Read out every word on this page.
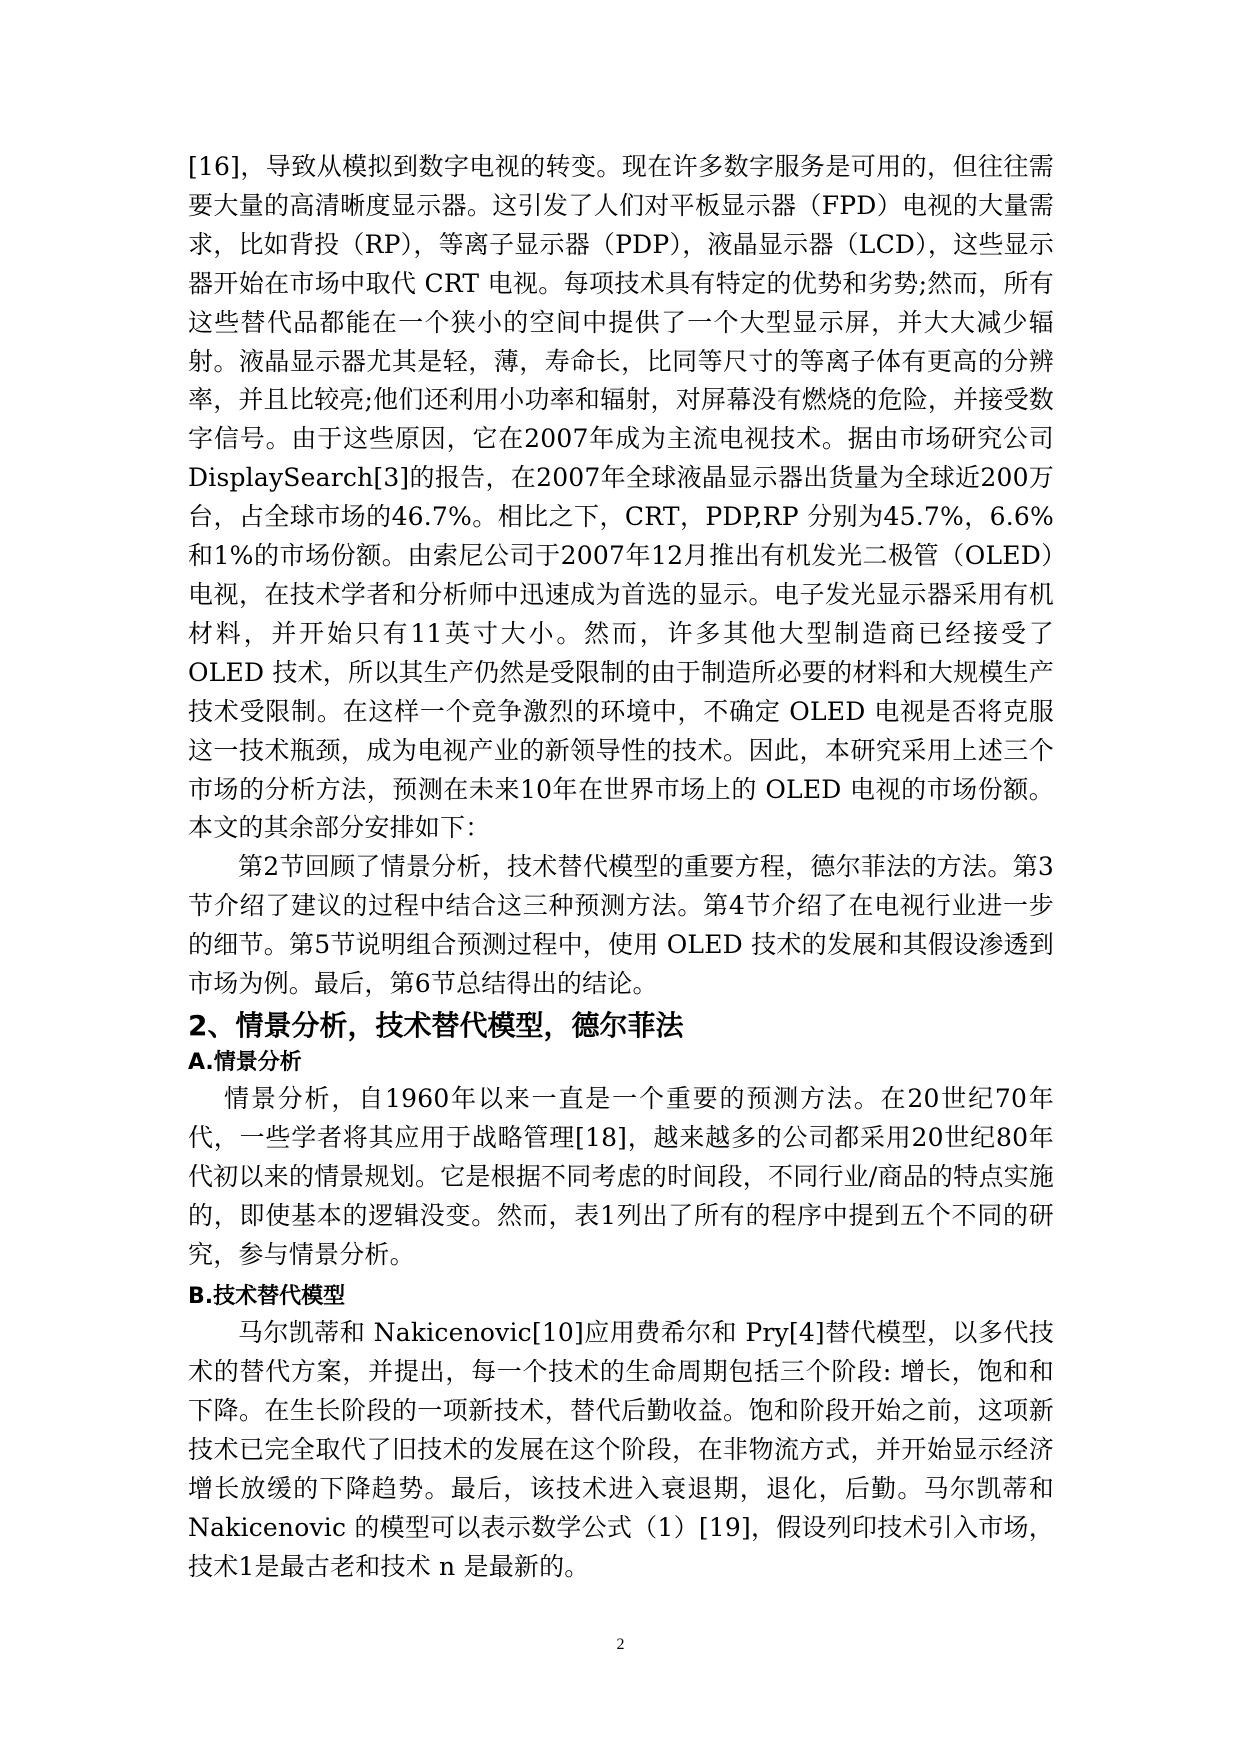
[16]，导致从模拟到数字电视的转变。现在许多数字服务是可用的，但往往需要大量的高清晰度显示器。这引发了人们对平板显示器（FPD）电视的大量需求，比如背投（RP），等离子显示器（PDP），液晶显示器（LCD），这些显示器开始在市场中取代 CRT 电视。每项技术具有特定的优势和劣势;然而，所有这些替代品都能在一个狭小的空间中提供了一个大型显示屏，并大大减少辐射。液晶显示器尤其是轻，薄，寿命长，比同等尺寸的等离子体有更高的分辨率，并且比较亮;他们还利用小功率和辐射，对屏幕没有燃烧的危险，并接受数字信号。由于这些原因，它在2007年成为主流电视技术。据由市场研究公司 DisplaySearch[3]的报告，在2007年全球液晶显示器出货量为全球近200万台，占全球市场的46.7%。相比之下，CRT，PDP,RP 分别为45.7%，6.6%和1%的市场份额。由索尼公司于2007年12月推出有机发光二极管（OLED）电视，在技术学者和分析师中迅速成为首选的显示。电子发光显示器采用有机材料，并开始只有11英寸大小。然而，许多其他大型制造商已经接受了 OLED 技术，所以其生产仍然是受限制的由于制造所必要的材料和大规模生产技术受限制。在这样一个竞争激烈的环境中，不确定 OLED 电视是否将克服这一技术瓶颈，成为电视产业的新领导性的技术。因此，本研究采用上述三个市场的分析方法，预测在未来10年在世界市场上的 OLED 电视的市场份额。本文的其余部分安排如下：

第2节回顾了情景分析，技术替代模型的重要方程，德尔菲法的方法。第3节介绍了建议的过程中结合这三种预测方法。第4节介绍了在电视行业进一步的细节。第5节说明组合预测过程中，使用 OLED 技术的发展和其假设渗透到市场为例。最后，第6节总结得出的结论。

2、情景分析，技术替代模型，德尔菲法
A.情景分析

情景分析，自1960年以来一直是一个重要的预测方法。在20世纪70年代，一些学者将其应用于战略管理[18]，越来越多的公司都采用20世纪80年代初以来的情景规划。它是根据不同考虑的时间段，不同行业/商品的特点实施的，即使基本的逻辑没变。然而，表1列出了所有的程序中提到五个不同的研究，参与情景分析。

B.技术替代模型

马尔凯蒂和 Nakicenovic[10]应用费希尔和 Pry[4]替代模型，以多代技术的替代方案，并提出，每一个技术的生命周期包括三个阶段: 增长，饱和和下降。在生长阶段的一项新技术，替代后勤收益。饱和阶段开始之前，这项新技术已完全取代了旧技术的发展在这个阶段，在非物流方式，并开始显示经济增长放缓的下降趋势。最后，该技术进入衰退期，退化，后勤。马尔凯蒂和 Nakicenovic 的模型可以表示数学公式（1）[19]，假设列印技术引入市场，技术1是最古老和技术 n 是最新的。

2
